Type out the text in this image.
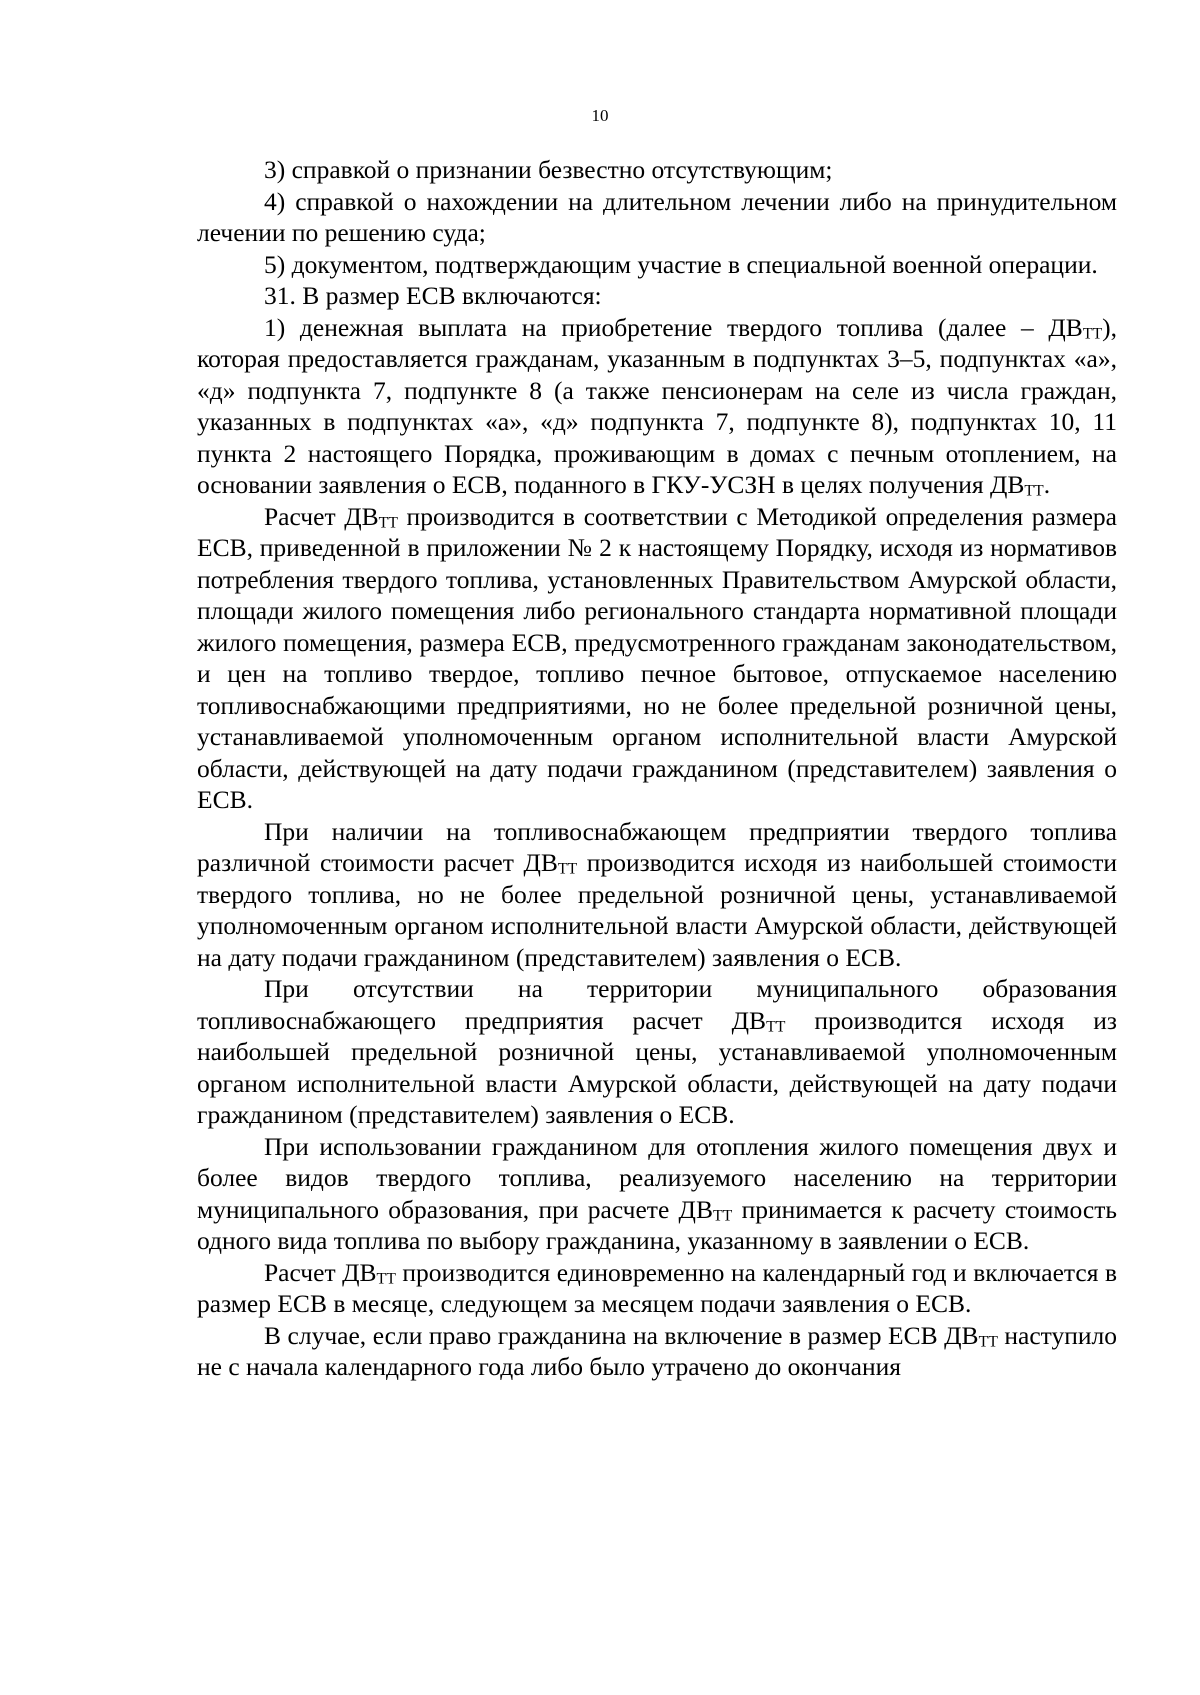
10

3) справкой о признании безвестно отсутствующим;

4) справкой о нахождении на длительном лечении либо на принудительном лечении по решению суда;

5) документом, подтверждающим участие в специальной военной операции.

31. В размер ЕСВ включаются:

1) денежная выплата на приобретение твердого топлива (далее – ДВТТ), которая предоставляется гражданам, указанным в подпунктах 3–5, подпунктах «а», «д» подпункта 7, подпункте 8 (а также пенсионерам на селе из числа граждан, указанных в подпунктах «а», «д» подпункта 7, подпункте 8), подпунктах 10, 11 пункта 2 настоящего Порядка, проживающим в домах с печным отоплением, на основании заявления о ЕСВ, поданного в ГКУ-УСЗН в целях получения ДВТТ.

Расчет ДВТТ производится в соответствии с Методикой определения размера ЕСВ, приведенной в приложении № 2 к настоящему Порядку, исходя из нормативов потребления твердого топлива, установленных Правительством Амурской области, площади жилого помещения либо регионального стандарта нормативной площади жилого помещения, размера ЕСВ, предусмотренного гражданам законодательством, и цен на топливо твердое, топливо печное бытовое, отпускаемое населению топливоснабжающими предприятиями, но не более предельной розничной цены, устанавливаемой уполномоченным органом исполнительной власти Амурской области, действующей на дату подачи гражданином (представителем) заявления о ЕСВ.

При наличии на топливоснабжающем предприятии твердого топлива различной стоимости расчет ДВТТ производится исходя из наибольшей стоимости твердого топлива, но не более предельной розничной цены, устанавливаемой уполномоченным органом исполнительной власти Амурской области, действующей на дату подачи гражданином (представителем) заявления о ЕСВ.

При отсутствии на территории муниципального образования топливоснабжающего предприятия расчет ДВТТ производится исходя из наибольшей предельной розничной цены, устанавливаемой уполномоченным органом исполнительной власти Амурской области, действующей на дату подачи гражданином (представителем) заявления о ЕСВ.

При использовании гражданином для отопления жилого помещения двух и более видов твердого топлива, реализуемого населению на территории муниципального образования, при расчете ДВТТ принимается к расчету стоимость одного вида топлива по выбору гражданина, указанному в заявлении о ЕСВ.

Расчет ДВТТ производится единовременно на календарный год и включается в размер ЕСВ в месяце, следующем за месяцем подачи заявления о ЕСВ.

В случае, если право гражданина на включение в размер ЕСВ ДВТТ наступило не с начала календарного года либо было утрачено до окончания
